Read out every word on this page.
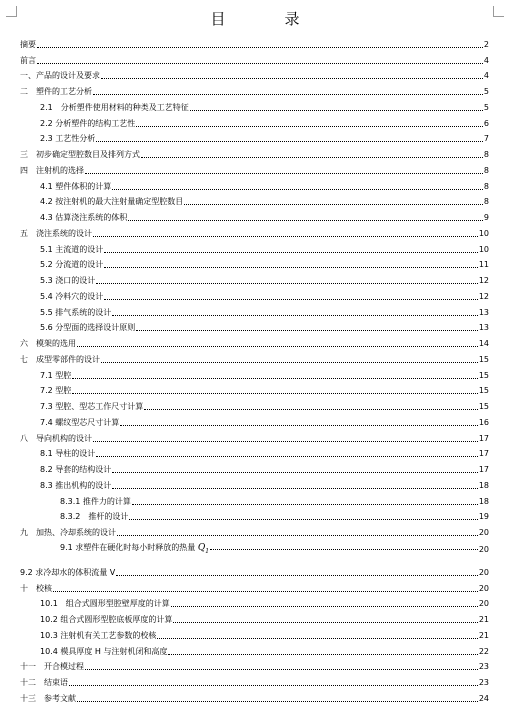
目　录
摘要	2
前言	4
一、产品的设计及要求	4
二　塑件的工艺分析	5
2.1　分析塑件使用材料的种类及工艺特征	5
2.2 分析塑件的结构工艺性	6
2.3 工艺性分析	7
三　初步确定型腔数目及排列方式	8
四　注射机的选择	8
4.1 塑件体积的计算	8
4.2 按注射机的最大注射量确定型腔数目	8
4.3 估算浇注系统的体积	9
五　浇注系统的设计	10
5.1 主流道的设计	10
5.2 分流道的设计	11
5.3 浇口的设计	12
5.4 冷料穴的设计	12
5.5 排气系统的设计	13
5.6 分型面的选择设计原则	13
六　模架的选用	14
七　成型零部件的设计	15
7.1 型腔	15
7.2 型腔	15
7.3 型腔、型芯工作尺寸计算	15
7.4 螺纹型芯尺寸计算	16
八　导向机构的设计	17
8.1 导柱的设计	17
8.2 导套的结构设计	17
8.3 推出机构的设计	18
8.3.1 推件力的计算	18
8.3.2　推杆的设计	19
九　加热、冷却系统的设计	20
9.1 求塑件在硬化时每小时释放的热量 $Q_1$	20
9.2 求冷却水的体积流量 V	20
十　校核	20
10.1　组合式圆形型腔壁厚度的计算	20
10.2 组合式圆形型腔底板厚度的计算	21
10.3 注射机有关工艺参数的校核	21
10.4 模具厚度 H 与注射机闭和高度	22
十一　开合模过程	23
十二　结束语	23
十三　参考文献	24
